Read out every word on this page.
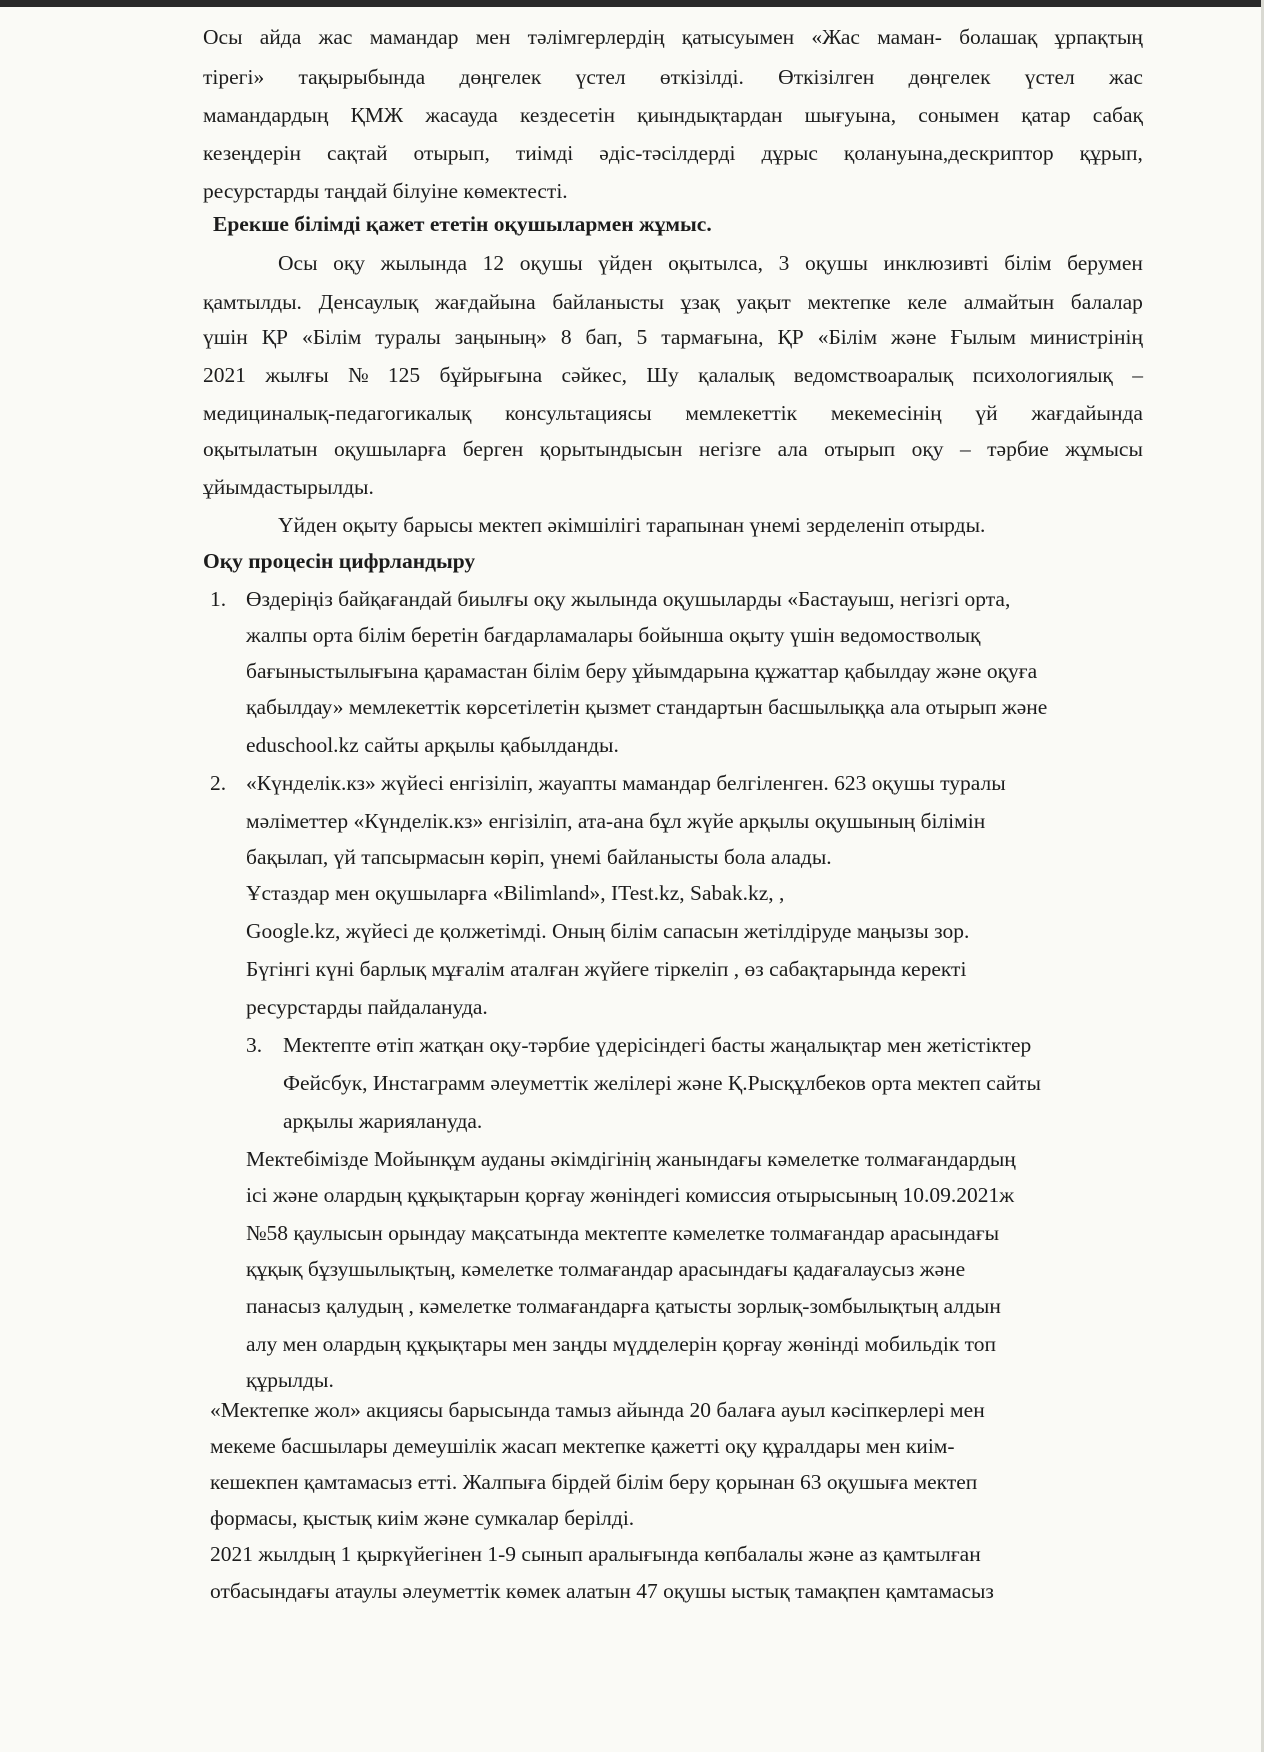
Осы айда жас мамандар мен тәлімгерлердің қатысуымен «Жас маман- болашақ ұрпақтың
тірегі» тақырыбында дөңгелек үстел өткізілді. Өткізілген дөңгелек үстел жас
мамандардың ҚМЖ жасауда кездесетін қиындықтардан шығуына, сонымен қатар сабақ
кезеңдерін сақтай отырып, тиімді әдіс-тәсілдерді дұрыс қолануына,дескриптор құрып,
ресурстарды таңдай білуіне көмектесті.
Ерекше білімді қажет ететін оқушылармен жұмыс.
Осы оқу жылында 12 оқушы үйден оқытылса, 3 оқушы инклюзивті білім берумен
қамтылды. Денсаулық жағдайына байланысты ұзақ уақыт мектепке келе алмайтын балалар
үшін ҚР «Білім туралы заңының» 8 бап, 5 тармағына, ҚР «Білім және Ғылым министрінің
2021 жылғы № 125 бұйрығына сәйкес, Шу қалалық ведомствоаралық психологиялық –
медициналық-педагогикалық консультациясы мемлекеттік мекемесінің үй жағдайында
оқытылатын оқушыларға берген қорытындысын негізге ала отырып оқу – тәрбие жұмысы
ұйымдастырылды.
Үйден оқыту барысы мектеп әкімшілігі тарапынан үнемі зерделеніп отырды.
Оқу процесін цифрландыру
1. Өздеріңіз байқағандай биылғы оқу жылында оқушыларды «Бастауыш, негізгі орта,
жалпы орта білім беретін бағдарламалары бойынша оқыту үшін ведомостволық
бағыныстылығына қарамастан білім беру ұйымдарына құжаттар қабылдау және оқуға
қабылдау» мемлекеттік көрсетілетін қызмет стандартын басшылыққа ала отырып және
eduschool.kz сайты арқылы қабылданды.
2. «Күнделік.кз» жүйесі енгізіліп, жауапты мамандар белгіленген. 623 оқушы туралы
мәліметтер «Күнделік.кз» енгізіліп, ата-ана бұл жүйе арқылы оқушының білімін
бақылап, үй тапсырмасын көріп, үнемі байланысты бола алады.
Ұстаздар мен оқушыларға «Bilimland», ITest.kz, Sabak.kz, ,
Google.kz, жүйесі де қолжетімді. Оның білім сапасын жетілдіруде маңызы зор.
Бүгінгі күні барлық мұғалім аталған жүйеге тіркеліп , өз сабақтарында керекті
ресурстарды пайдалануда.
3. Мектепте өтіп жатқан оқу-тәрбие үдерісіндегі басты жаңалықтар мен жетістіктер
Фейсбук, Инстаграмм әлеуметтік желілері және Қ.Рысқұлбеков орта мектеп сайты
арқылы жариялануда.
Мектебімізде Мойынқұм ауданы әкімдігінің жанындағы кәмелетке толмағандардың
ісі және олардың құқықтарын қорғау жөніндегі комиссия отырысының 10.09.2021ж
№58 қаулысын орындау мақсатында мектепте кәмелетке толмағандар арасындағы
құқық бұзушылықтың, кәмелетке толмағандар арасындағы қадағалаусыз және
панасыз қалудың , кәмелетке толмағандарға қатысты зорлық-зомбылықтың алдын
алу мен олардың құқықтары мен заңды мүдделерін қорғау жөнінді мобильдік топ
құрылды.
«Мектепке жол» акциясы барысында тамыз айында 20 балаға ауыл кәсіпкерлері мен
мекеме басшылары демеушілік жасап мектепке қажетті оқу құралдары мен киім-
кешекпен қамтамасыз етті. Жалпыға бірдей білім беру қорынан 63 оқушыға мектеп
формасы, қыстық киім және сумкалар берілді.
2021 жылдың 1 қыркүйегінен 1-9 сынып аралығында көпбалалы және аз қамтылған
отбасындағы атаулы әлеуметтік көмек алатын 47 оқушы ыстық тамақпен қамтамасыз
